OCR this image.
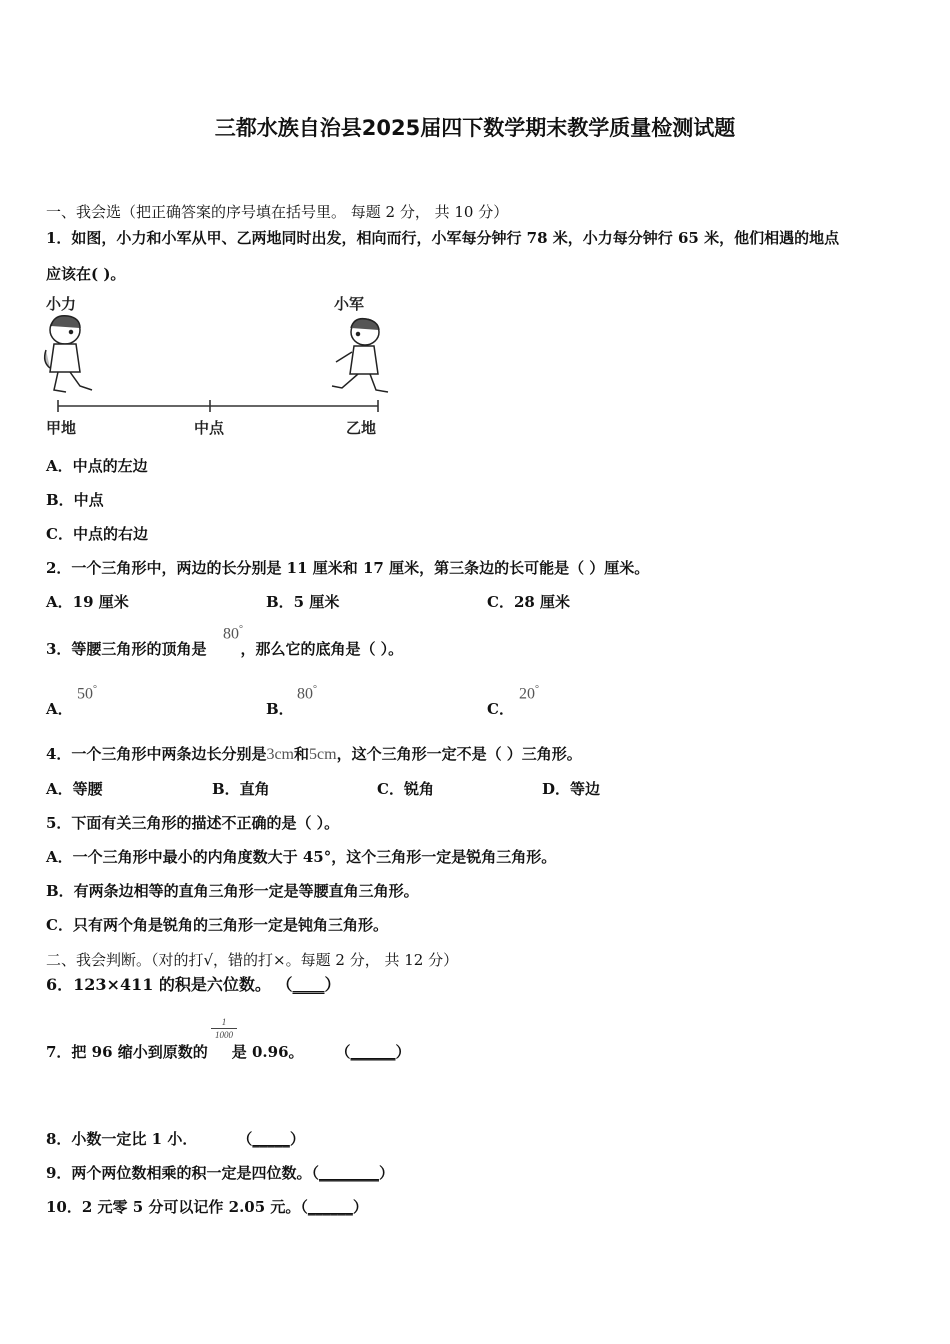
三都水族自治县2025届四下数学期末教学质量检测试题
一、我会选（把正确答案的序号填在括号里。 每题 2 分， 共 10 分）
1．如图，小力和小军从甲、乙两地同时出发，相向而行，小军每分钟行 78 米，小力每分钟行 65 米，他们相遇的地点
应该在( )。
小力	小军
甲地	中点	乙地
A．中点的左边
B．中点
C．中点的右边
2．一个三角形中，两边的长分别是 11 厘米和 17 厘米，第三条边的长可能是（ ）厘米。
A．19 厘米	B．5 厘米	C．28 厘米
3．等腰三角形的顶角是 ，那么它的底角是（ ）。
80°
A．
50°
B．
80°
C．
20°
4．一个三角形中两条边长分别是3cm和5cm，这个三角形一定不是（ ）三角形。
A．等腰	B．直角	C．锐角	D．等边
5．下面有关三角形的描述不正确的是（ ）。
A．一个三角形中最小的内角度数大于 45°，这个三角形一定是锐角三角形。
B．有两条边相等的直角三角形一定是等腰直角三角形。
C．只有两个角是锐角的三角形一定是钝角三角形。
二、我会判断。（对的打√，错的打×。每题 2 分， 共 12 分）
6．123×411 的积是六位数。 （____）
$\frac{1}{1000}$
7．把 96 缩小到原数的 是 0.96。 （______）
8．小数一定比 1 小．	（_____）
9．两个两位数相乘的积一定是四位数。（________）
10．2 元零 5 分可以记作 2.05 元。（______）
